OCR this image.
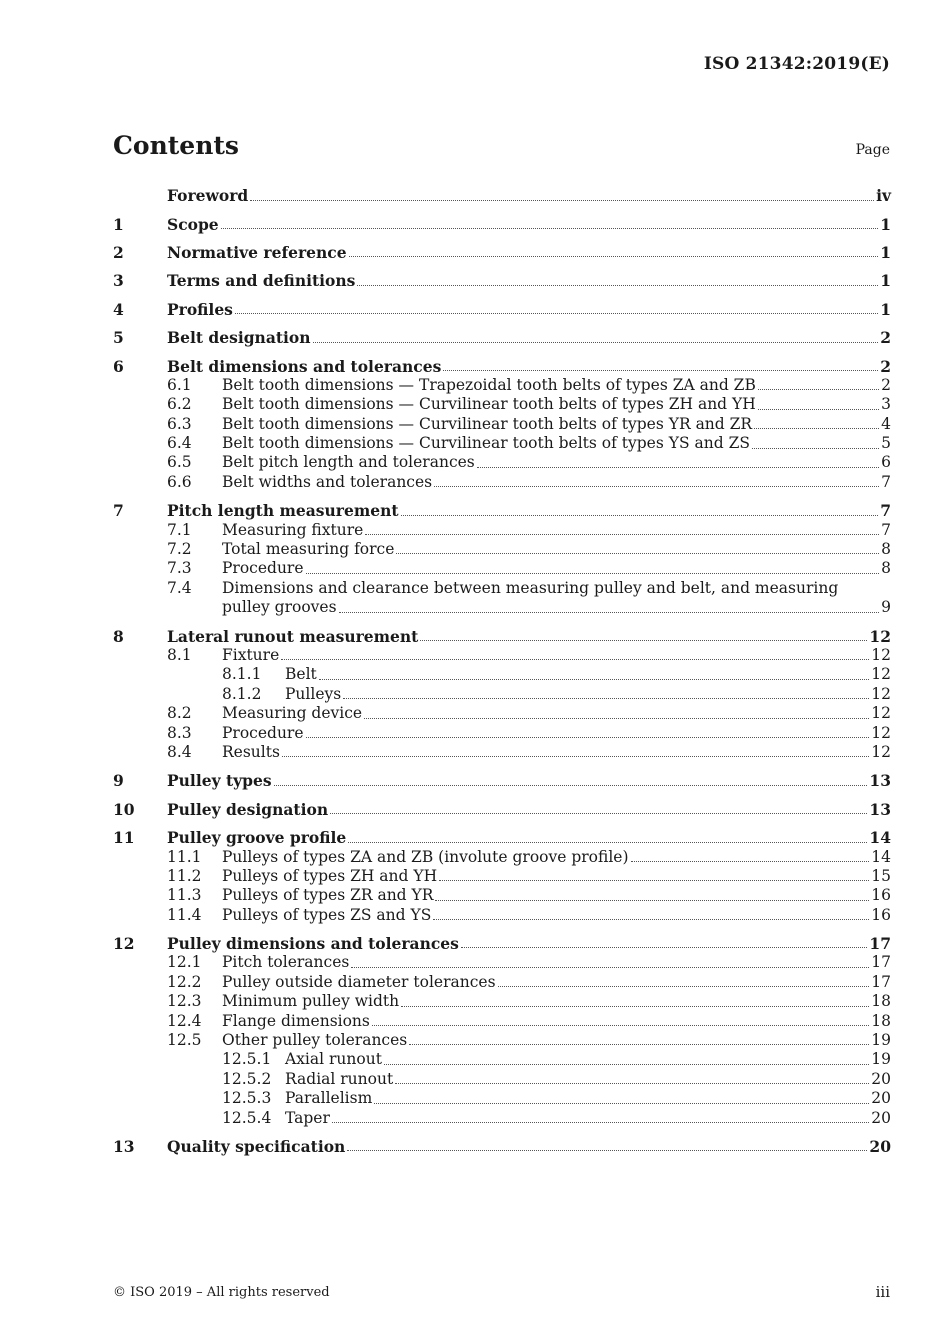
ISO 21342:2019(E)
Contents	Page
Foreword	iv
1	Scope	1
2	Normative reference	1
3	Terms and definitions	1
4	Profiles	1
5	Belt designation	2
6	Belt dimensions and tolerances	2
6.1	Belt tooth dimensions — Trapezoidal tooth belts of types ZA and ZB	2
6.2	Belt tooth dimensions — Curvilinear tooth belts of types ZH and YH	3
6.3	Belt tooth dimensions — Curvilinear tooth belts of types YR and ZR	4
6.4	Belt tooth dimensions — Curvilinear tooth belts of types YS and ZS	5
6.5	Belt pitch length and tolerances	6
6.6	Belt widths and tolerances	7
7	Pitch length measurement	7
7.1	Measuring fixture	7
7.2	Total measuring force	8
7.3	Procedure	8
7.4	Dimensions and clearance between measuring pulley and belt, and measuring
pulley grooves	9
8	Lateral runout measurement	12
8.1	Fixture	12
8.1.1	Belt	12
8.1.2	Pulleys	12
8.2	Measuring device	12
8.3	Procedure	12
8.4	Results	12
9	Pulley types	13
10	Pulley designation	13
11	Pulley groove profile	14
11.1	Pulleys of types ZA and ZB (involute groove profile)	14
11.2	Pulleys of types ZH and YH	15
11.3	Pulleys of types ZR and YR	16
11.4	Pulleys of types ZS and YS	16
12	Pulley dimensions and tolerances	17
12.1	Pitch tolerances	17
12.2	Pulley outside diameter tolerances	17
12.3	Minimum pulley width	18
12.4	Flange dimensions	18
12.5	Other pulley tolerances	19
12.5.1 Axial runout	19
12.5.2 Radial runout	20
12.5.3 Parallelism	20
12.5.4 Taper	20
13	Quality specification	20
© ISO 2019 – All rights reserved	iii
